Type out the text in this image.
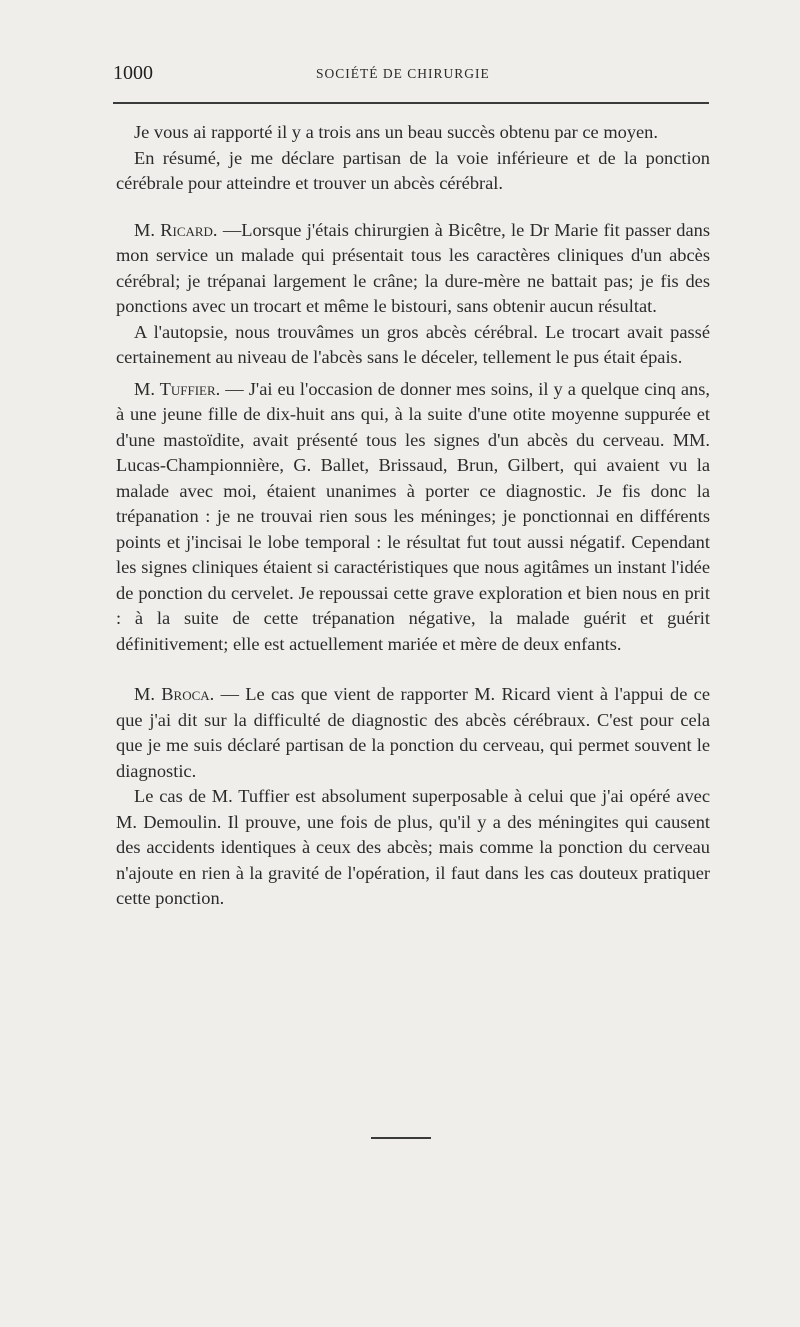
1000	SOCIÉTÉ DE CHIRURGIE

Je vous ai rapporté il y a trois ans un beau succès obtenu par ce moyen.

En résumé, je me déclare partisan de la voie inférieure et de la ponction cérébrale pour atteindre et trouver un abcès cérébral.

M. Ricard. —Lorsque j'étais chirurgien à Bicêtre, le Dr Marie fit passer dans mon service un malade qui présentait tous les caractères cliniques d'un abcès cérébral; je trépanai largement le crâne; la dure-mère ne battait pas; je fis des ponctions avec un trocart et même le bistouri, sans obtenir aucun résultat.

A l'autopsie, nous trouvâmes un gros abcès cérébral. Le trocart avait passé certainement au niveau de l'abcès sans le déceler, tellement le pus était épais.

M. Tuffier. — J'ai eu l'occasion de donner mes soins, il y a quelque cinq ans, à une jeune fille de dix-huit ans qui, à la suite d'une otite moyenne suppurée et d'une mastoïdite, avait présenté tous les signes d'un abcès du cerveau. MM. Lucas-Championnière, G. Ballet, Brissaud, Brun, Gilbert, qui avaient vu la malade avec moi, étaient unanimes à porter ce diagnostic. Je fis donc la trépanation : je ne trouvai rien sous les méninges; je ponctionnai en différents points et j'incisai le lobe temporal : le résultat fut tout aussi négatif. Cependant les signes cliniques étaient si caractéristiques que nous agitâmes un instant l'idée de ponction du cervelet. Je repoussai cette grave exploration et bien nous en prit : à la suite de cette trépanation négative, la malade guérit et guérit définitivement; elle est actuellement mariée et mère de deux enfants.

M. Broca. — Le cas que vient de rapporter M. Ricard vient à l'appui de ce que j'ai dit sur la difficulté de diagnostic des abcès cérébraux. C'est pour cela que je me suis déclaré partisan de la ponction du cerveau, qui permet souvent le diagnostic.

Le cas de M. Tuffier est absolument superposable à celui que j'ai opéré avec M. Demoulin. Il prouve, une fois de plus, qu'il y a des méningites qui causent des accidents identiques à ceux des abcès; mais comme la ponction du cerveau n'ajoute en rien à la gravité de l'opération, il faut dans les cas douteux pratiquer cette ponction.
